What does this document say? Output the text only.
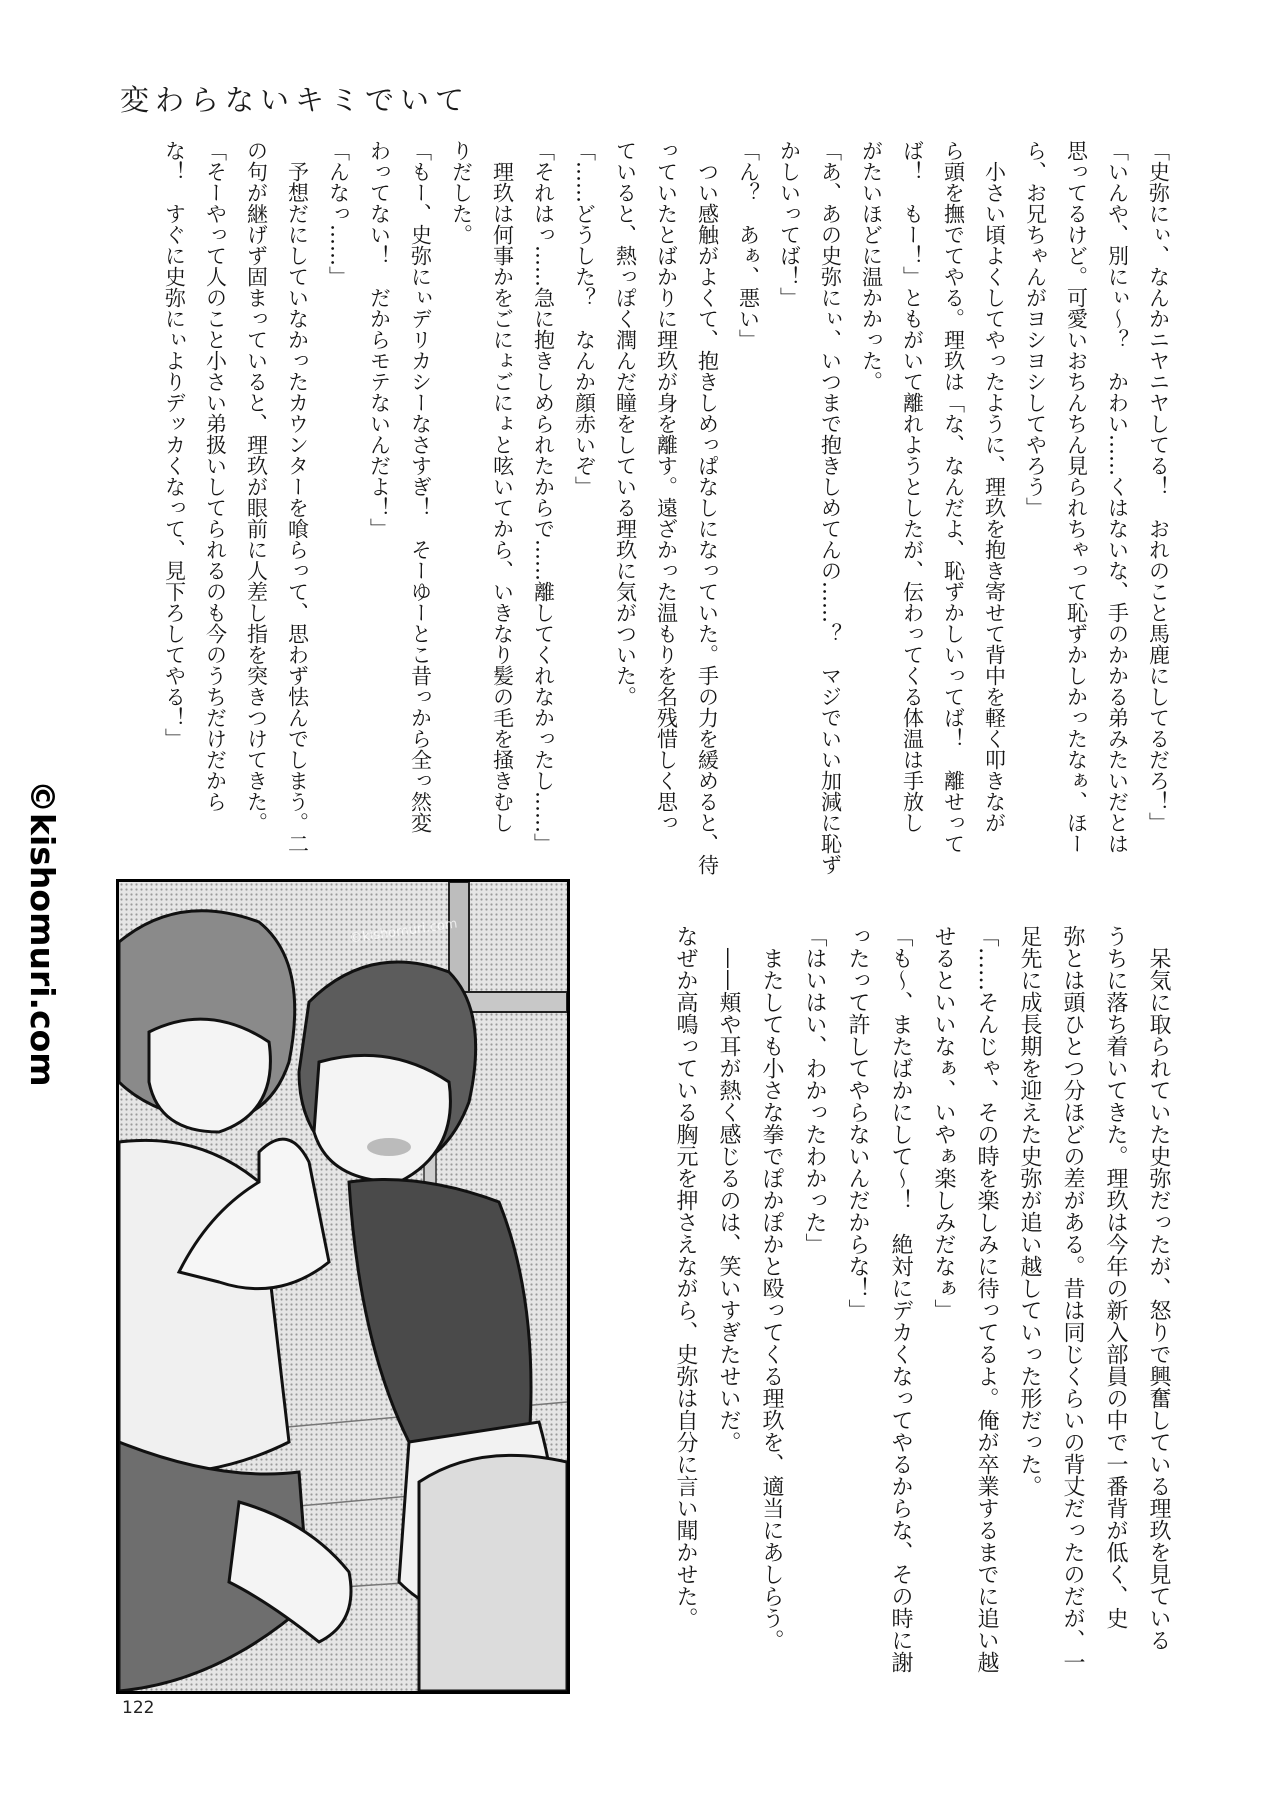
変わらないキミでいて
「史弥にぃ、なんかニヤニヤしてる！　おれのこと馬鹿にしてるだろ！」
「いんや、別にぃ〜？　かわい……くはないな、手のかかる弟みたいだとは
思ってるけど。可愛いおちんちん見られちゃって恥ずかしかったなぁ、ほー
ら、お兄ちゃんがヨシヨシしてやろう」
　小さい頃よくしてやったように、理玖を抱き寄せて背中を軽く叩きなが
ら頭を撫でてやる。理玖は「な、なんだよ、恥ずかしいってば！　離せって
ば！　もー！」ともがいて離れようとしたが、伝わってくる体温は手放し
がたいほどに温かかった。
「あ、あの史弥にぃ、いつまで抱きしめてんの……？　マジでいい加減に恥ず
かしいってば！」
「ん？　あぁ、悪い」
　つい感触がよくて、抱きしめっぱなしになっていた。手の力を緩めると、待
っていたとばかりに理玖が身を離す。遠ざかった温もりを名残惜しく思っ
ていると、熱っぽく潤んだ瞳をしている理玖に気がついた。
「……どうした？　なんか顔赤いぞ」
「それはっ……急に抱きしめられたからで……離してくれなかったし……」
　理玖は何事かをごにょごにょと呟いてから、いきなり髪の毛を掻きむし
りだした。
「もー、史弥にぃデリカシーなさすぎ！　そーゆーとこ昔っから全っ然変
わってない！　だからモテないんだよ！」
「んなっ……」
　予想だにしていなかったカウンターを喰らって、思わず怯んでしまう。二
の句が継げず固まっていると、理玖が眼前に人差し指を突きつけてきた。
「そーやって人のこと小さい弟扱いしてられるのも今のうちだけだから
な！　すぐに史弥にぃよりデッカくなって、見下ろしてやる！」
　呆気に取られていた史弥だったが、怒りで興奮している理玖を見ている
うちに落ち着いてきた。理玖は今年の新入部員の中で一番背が低く、史
弥とは頭ひとつ分ほどの差がある。昔は同じくらいの背丈だったのだが、一
足先に成長期を迎えた史弥が追い越していった形だった。
「……そんじゃ、その時を楽しみに待ってるよ。俺が卒業するまでに追い越
せるといいなぁ、いやぁ楽しみだなぁ」
「も〜、またばかにして〜！　絶対にデカくなってやるからな、その時に謝
ったって許してやらないんだからな！」
「はいはい、わかったわかった」
　またしても小さな拳でぽかぽかと殴ってくる理玖を、適当にあしらう。
　——頬や耳が熱く感じるのは、笑いすぎたせいだ。
なぜか高鳴っている胸元を押さえながら、史弥は自分に言い聞かせた。
©kishomuri.com	©kishomuri.com
122
